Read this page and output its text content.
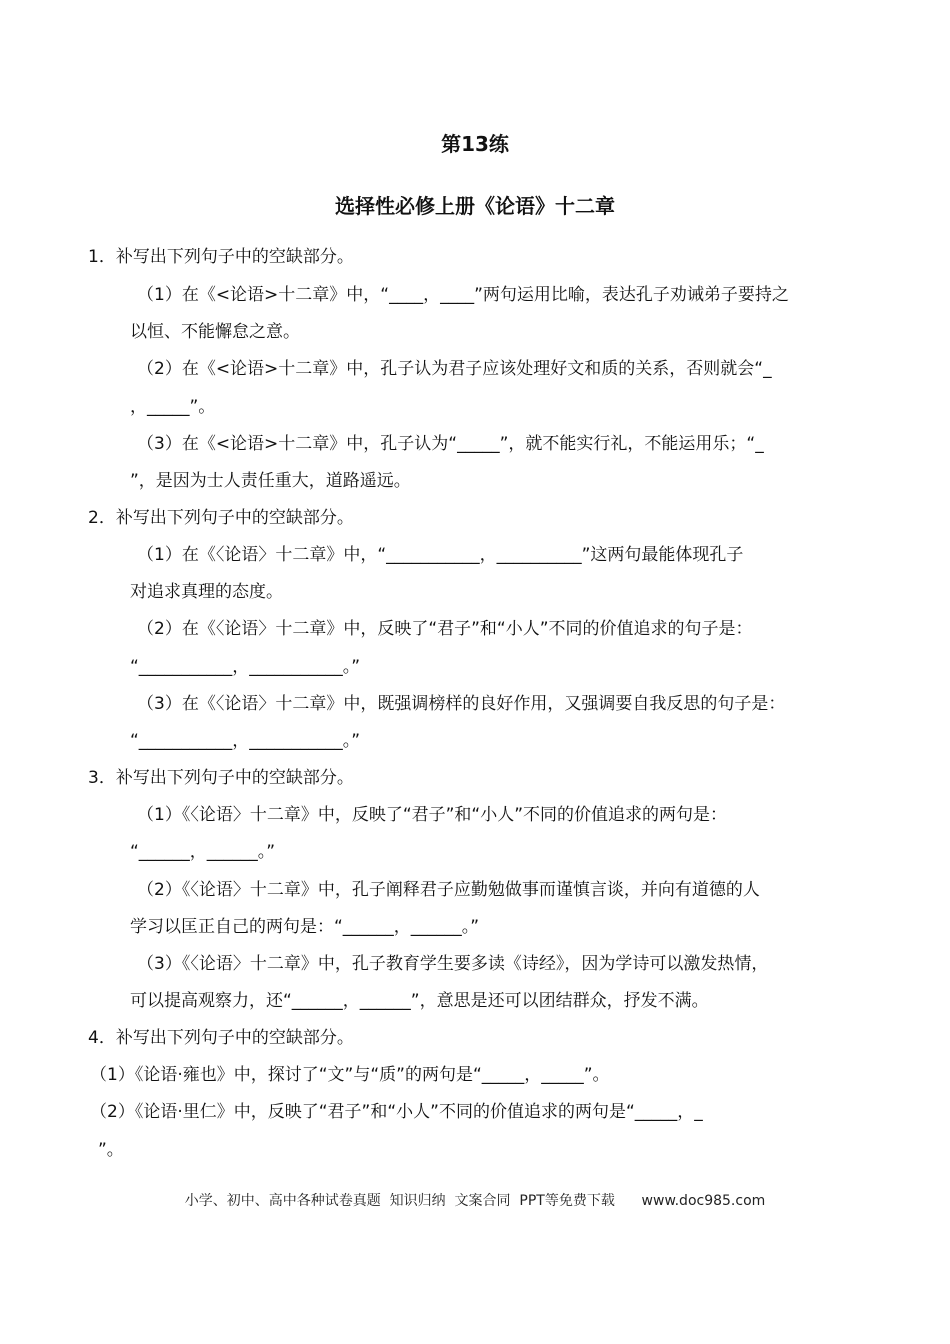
第13练
选择性必修上册《论语》十二章
1．补写出下列句子中的空缺部分。
（1）在《<论语>十二章》中，“____，____”两句运用比喻，表达孔子劝诫弟子要持之
以恒、不能懈怠之意。
（2）在《<论语>十二章》中，孔子认为君子应该处理好文和质的关系，否则就会“_
，_____”。
（3）在《<论语>十二章》中，孔子认为“_____”，就不能实行礼，不能运用乐；“_
”，是因为士人责任重大，道路遥远。
2．补写出下列句子中的空缺部分。
（1）在《〈论语〉十二章》中，“___________，__________”这两句最能体现孔子
对追求真理的态度。
（2）在《〈论语〉十二章》中，反映了“君子”和“小人”不同的价值追求的句子是：
“___________，___________。”
（3）在《〈论语〉十二章》中，既强调榜样的良好作用，又强调要自我反思的句子是：
“___________，___________。”
3．补写出下列句子中的空缺部分。
（1）《〈论语〉十二章》中，反映了“君子”和“小人”不同的价值追求的两句是：
“______，______。”
（2）《〈论语〉十二章》中，孔子阐释君子应勤勉做事而谨慎言谈，并向有道德的人
学习以匡正自己的两句是：“______，______。”
（3）《〈论语〉十二章》中，孔子教育学生要多读《诗经》，因为学诗可以激发热情，
可以提高观察力，还“______，______”，意思是还可以团结群众，抒发不满。
4．补写出下列句子中的空缺部分。
（1）《论语·雍也》中，探讨了“文”与“质”的两句是“_____，_____”。
（2）《论语·里仁》中，反映了“君子”和“小人”不同的价值追求的两句是“_____，_
”。
小学、初中、高中各种试卷真题  知识归纳  文案合同  PPT等免费下载      www.doc985.com
